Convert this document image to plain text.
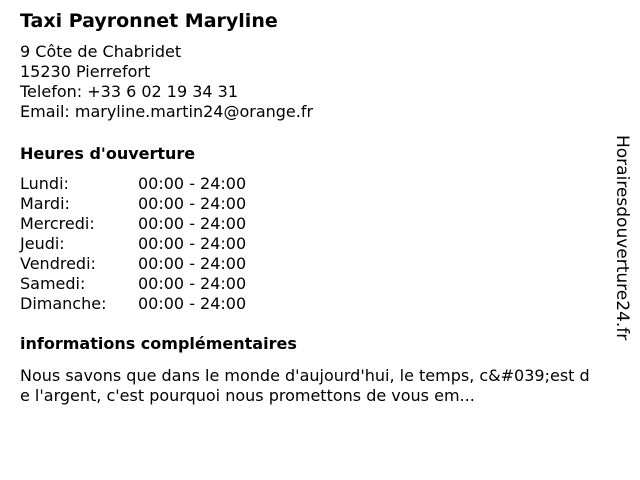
Taxi Payronnet Maryline
9 Côte de Chabridet
15230 Pierrefort
Telefon: +33 6 02 19 34 31
Email: maryline.martin24@orange.fr
Heures d'ouverture
Lundi:	00:00 - 24:00
Mardi:	00:00 - 24:00
Mercredi:	00:00 - 24:00
Jeudi:	00:00 - 24:00
Vendredi:	00:00 - 24:00
Samedi:	00:00 - 24:00
Dimanche:	00:00 - 24:00
informations complémentaires
Nous savons que dans le monde d'aujourd'hui, le temps, c&#039;est de l'argent, c'est pourquoi nous promettons de vous em...
Horairesdouverture24.fr
